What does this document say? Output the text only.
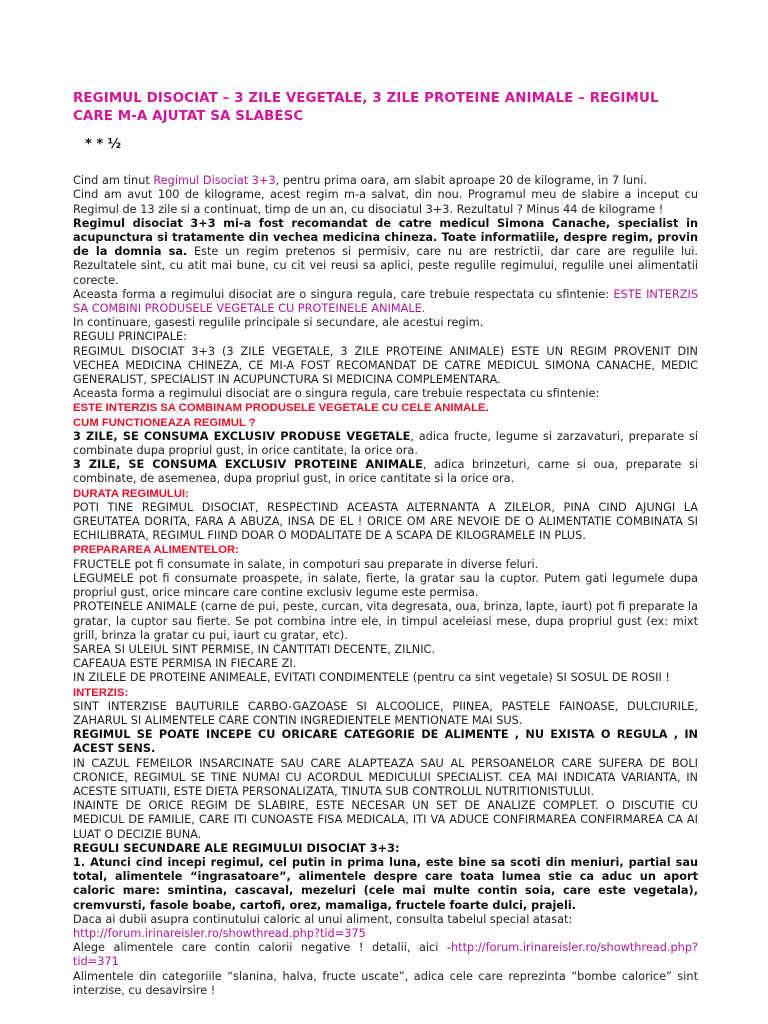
REGIMUL DISOCIAT – 3 ZILE VEGETALE, 3 ZILE PROTEINE ANIMALE – REGIMUL CARE M-A AJUTAT SA SLABESC
* * ½

Cind am tinut Regimul Disociat 3+3, pentru prima oara, am slabit aproape 20 de kilograme, in 7 luni.

Cind am avut 100 de kilograme, acest regim m-a salvat, din nou. Programul meu de slabire a inceput cu Regimul de 13 zile si a continuat, timp de un an, cu disociatul 3+3. Rezultatul ? Minus 44 de kilograme !

Regimul disociat 3+3 mi-a fost recomandat de catre medicul Simona Canache, specialist in acupunctura si tratamente din vechea medicina chineza. Toate informatiile, despre regim, provin de la domnia sa. Este un regim pretenos si permisiv, care nu are restrictii, dar care are regulile lui. Rezultatele sint, cu atit mai bune, cu cit vei reusi sa aplici, peste regulile regimului, regulile unei alimentatii corecte.

Aceasta forma a regimului disociat are o singura regula, care trebuie respectata cu sfintenie: ESTE INTERZIS SA COMBINI PRODUSELE VEGETALE CU PROTEINELE ANIMALE.

In continuare, gasesti regulile principale si secundare, ale acestui regim.

REGULI PRINCIPALE:

REGIMUL DISOCIAT 3+3 (3 ZILE VEGETALE, 3 ZILE PROTEINE ANIMALE) ESTE UN REGIM PROVENIT DIN VECHEA MEDICINA CHINEZA, CE MI-A FOST RECOMANDAT DE CATRE MEDICUL SIMONA CANACHE, MEDIC GENERALIST, SPECIALIST IN ACUPUNCTURA SI MEDICINA COMPLEMENTARA.

Aceasta forma a regimului disociat are o singura regula, care trebuie respectata cu sfintenie:

ESTE INTERZIS SA COMBINAM PRODUSELE VEGETALE CU CELE ANIMALE.

CUM FUNCTIONEAZA REGIMUL ?

3 ZILE, SE CONSUMA EXCLUSIV PRODUSE VEGETALE, adica fructe, legume si zarzavaturi, preparate si combinate dupa propriul gust, in orice cantitate, la orice ora.

3 ZILE, SE CONSUMA EXCLUSIV PROTEINE ANIMALE, adica brinzeturi, carne si oua, preparate si combinate, de asemenea, dupa propriul gust, in orice cantitate si la orice ora.

DURATA REGIMULUI:

POTI TINE REGIMUL DISOCIAT, RESPECTIND ACEASTA ALTERNANTA A ZILELOR, PINA CIND AJUNGI LA GREUTATEA DORITA, FARA A ABUZA, INSA DE EL ! ORICE OM ARE NEVOIE DE O ALIMENTATIE COMBINATA SI ECHILIBRATA, REGIMUL FIIND DOAR O MODALITATE DE A SCAPA DE KILOGRAMELE IN PLUS.

PREPARAREA ALIMENTELOR:

FRUCTELE pot fi consumate in salate, in compoturi sau preparate in diverse feluri.

LEGUMELE pot fi consumate proaspete, in salate, fierte, la gratar sau la cuptor. Putem gati legumele dupa propriul gust, orice mincare care contine exclusiv legume este permisa.

PROTEINELE ANIMALE (carne de pui, peste, curcan, vita degresata, oua, brinza, lapte, iaurt) pot fi preparate la gratar, la cuptor sau fierte. Se pot combina intre ele, in timpul aceleiasi mese, dupa propriul gust (ex: mixt grill, brinza la gratar cu pui, iaurt cu gratar, etc).

SAREA SI ULEIUL SINT PERMISE, IN CANTITATI DECENTE, ZILNIC.

CAFEAUA ESTE PERMISA IN FIECARE ZI.

IN ZILELE DE PROTEINE ANIMEALE, EVITATI CONDIMENTELE (pentru ca sint vegetale) SI SOSUL DE ROSII !

INTERZIS:

SINT INTERZISE BAUTURILE CARBO-GAZOASE SI ALCOOLICE, PIINEA, PASTELE FAINOASE, DULCIURILE, ZAHARUL SI ALIMENTELE CARE CONTIN INGREDIENTELE MENTIONATE MAI SUS.

REGIMUL SE POATE INCEPE CU ORICARE CATEGORIE DE ALIMENTE , NU EXISTA O REGULA , IN ACEST SENS.

IN CAZUL FEMEILOR INSARCINATE SAU CARE ALAPTEAZA SAU AL PERSOANELOR CARE SUFERA DE BOLI CRONICE, REGIMUL SE TINE NUMAI CU ACORDUL MEDICULUI SPECIALIST. CEA MAI INDICATA VARIANTA, IN ACESTE SITUATII, ESTE DIETA PERSONALIZATA, TINUTA SUB CONTROLUL NUTRITIONISTULUI.

INAINTE DE ORICE REGIM DE SLABIRE, ESTE NECESAR UN SET DE ANALIZE COMPLET. O DISCUTIE CU MEDICUL DE FAMILIE, CARE ITI CUNOASTE FISA MEDICALA, ITI VA ADUCE CONFIRMAREA CONFIRMAREA CA AI LUAT O DECIZIE BUNA.

REGULI SECUNDARE ALE REGIMULUI DISOCIAT 3+3:

1. Atunci cind incepi regimul, cel putin in prima luna, este bine sa scoti din meniuri, partial sau total, alimentele “ingrasatoare”, alimentele despre care toata lumea stie ca aduc un aport caloric mare: smintina, cascaval, mezeluri (cele mai multe contin soia, care este vegetala), cremvursti, fasole boabe, cartofi, orez, mamaliga, fructele foarte dulci, prajeli.

Daca ai dubii asupra continutului caloric al unui aliment, consulta tabelul special atasat:

http://forum.irinareisler.ro/showthread.php?tid=375

Alege alimentele care contin calorii negative ! detalii, aici -http://forum.irinareisler.ro/showthread.php?tid=371

Alimentele din categoriile “slanina, halva, fructe uscate”, adica cele care reprezinta “bombe calorice” sint interzise, cu desavirsire !
